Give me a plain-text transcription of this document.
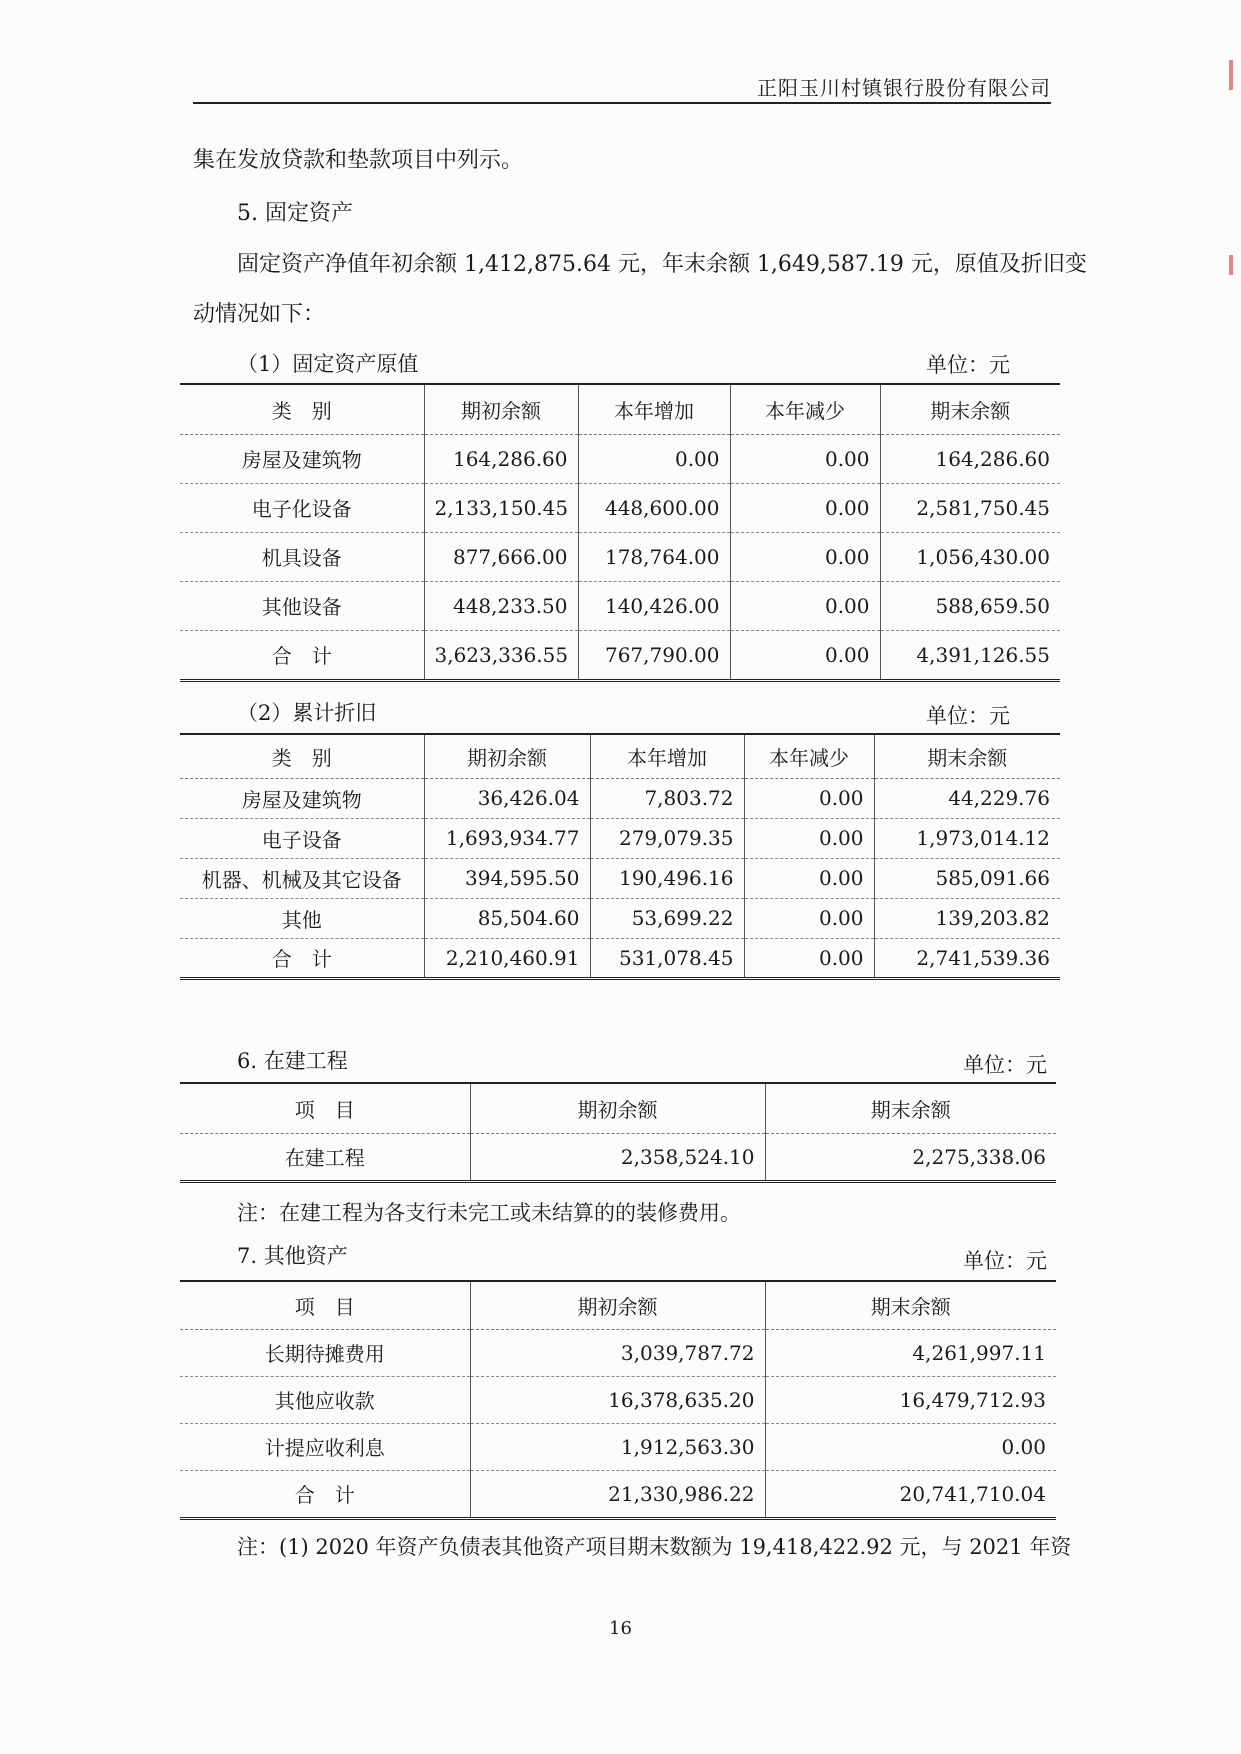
正阳玉川村镇银行股份有限公司
集在发放贷款和垫款项目中列示。
5. 固定资产
固定资产净值年初余额 1,412,875.64 元，年末余额 1,649,587.19 元，原值及折旧变
动情况如下：
（1）固定资产原值	单位：元
类　别	期初余额	本年增加	本年减少	期末余额
房屋及建筑物	164,286.60	0.00	0.00	164,286.60
电子化设备	2,133,150.45	448,600.00	0.00	2,581,750.45
机具设备	877,666.00	178,764.00	0.00	1,056,430.00
其他设备	448,233.50	140,426.00	0.00	588,659.50
合　计	3,623,336.55	767,790.00	0.00	4,391,126.55
（2）累计折旧	单位：元
类　别	期初余额	本年增加	本年减少	期末余额
房屋及建筑物	36,426.04	7,803.72	0.00	44,229.76
电子设备	1,693,934.77	279,079.35	0.00	1,973,014.12
机器、机械及其它设备	394,595.50	190,496.16	0.00	585,091.66
其他	85,504.60	53,699.22	0.00	139,203.82
合　计	2,210,460.91	531,078.45	0.00	2,741,539.36
6. 在建工程	单位：元
项　目	期初余额	期末余额
在建工程	2,358,524.10	2,275,338.06
注：在建工程为各支行未完工或未结算的的装修费用。
7. 其他资产	单位：元
项　目	期初余额	期末余额
长期待摊费用	3,039,787.72	4,261,997.11
其他应收款	16,378,635.20	16,479,712.93
计提应收利息	1,912,563.30	0.00
合　计	21,330,986.22	20,741,710.04
注：(1) 2020 年资产负债表其他资产项目期末数额为 19,418,422.92 元，与 2021 年资
16
